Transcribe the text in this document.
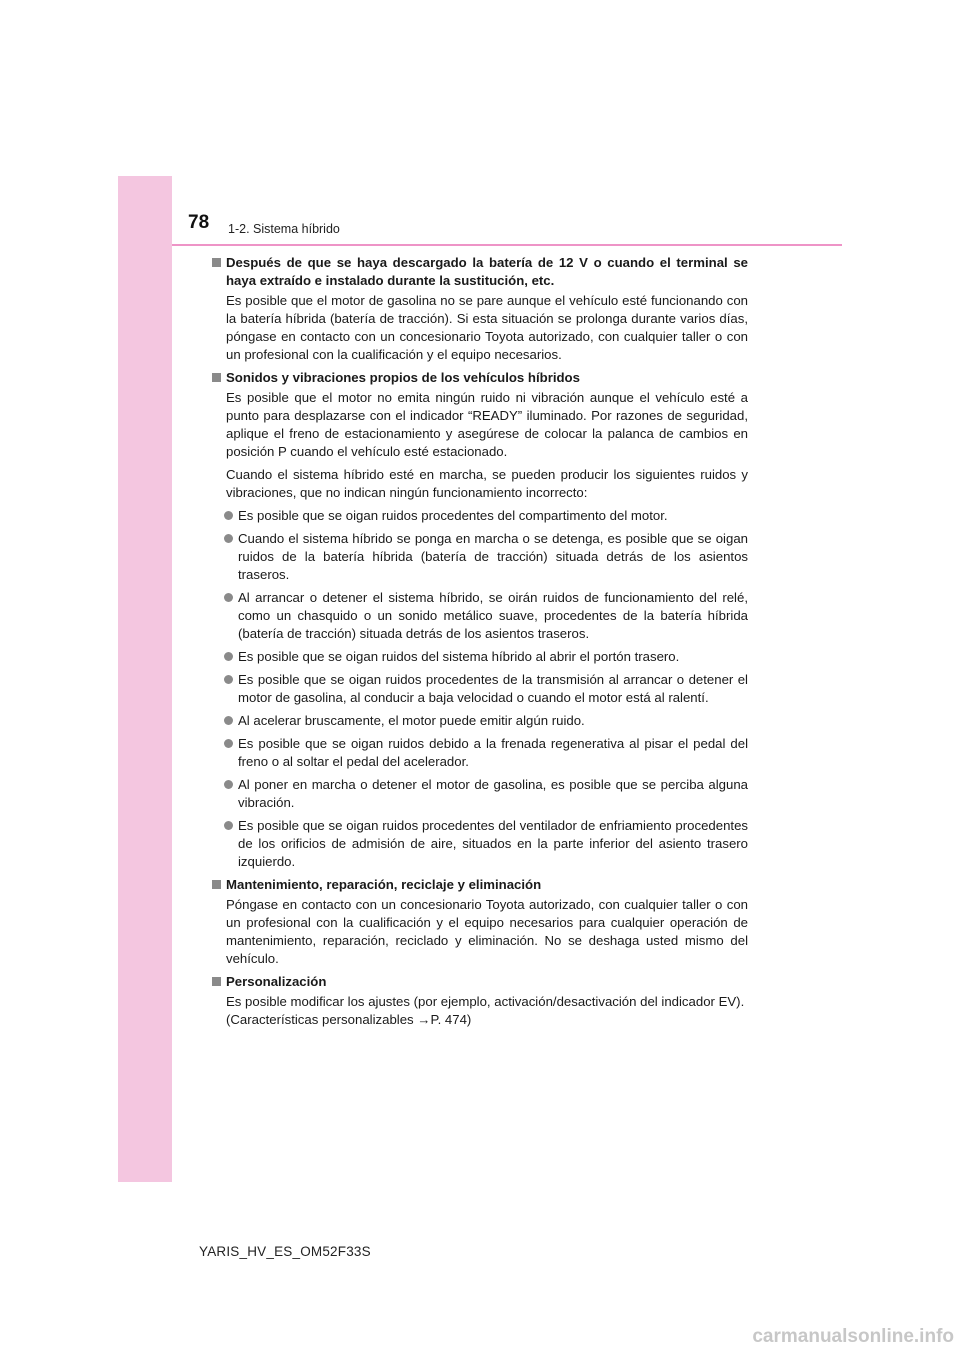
78 1-2. Sistema híbrido
Después de que se haya descargado la batería de 12 V o cuando el terminal se haya extraído e instalado durante la sustitución, etc.
Es posible que el motor de gasolina no se pare aunque el vehículo esté funcionando con la batería híbrida (batería de tracción). Si esta situación se prolonga durante varios días, póngase en contacto con un concesionario Toyota autorizado, con cualquier taller o con un profesional con la cualificación y el equipo necesarios.
Sonidos y vibraciones propios de los vehículos híbridos
Es posible que el motor no emita ningún ruido ni vibración aunque el vehículo esté a punto para desplazarse con el indicador “READY” iluminado. Por razones de seguridad, aplique el freno de estacionamiento y asegúrese de colocar la palanca de cambios en posición P cuando el vehículo esté estacionado.
Cuando el sistema híbrido esté en marcha, se pueden producir los siguientes ruidos y vibraciones, que no indican ningún funcionamiento incorrecto:
Es posible que se oigan ruidos procedentes del compartimento del motor.
Cuando el sistema híbrido se ponga en marcha o se detenga, es posible que se oigan ruidos de la batería híbrida (batería de tracción) situada detrás de los asientos traseros.
Al arrancar o detener el sistema híbrido, se oirán ruidos de funcionamiento del relé, como un chasquido o un sonido metálico suave, procedentes de la batería híbrida (batería de tracción) situada detrás de los asientos traseros.
Es posible que se oigan ruidos del sistema híbrido al abrir el portón trasero.
Es posible que se oigan ruidos procedentes de la transmisión al arrancar o detener el motor de gasolina, al conducir a baja velocidad o cuando el motor está al ralentí.
Al acelerar bruscamente, el motor puede emitir algún ruido.
Es posible que se oigan ruidos debido a la frenada regenerativa al pisar el pedal del freno o al soltar el pedal del acelerador.
Al poner en marcha o detener el motor de gasolina, es posible que se perciba alguna vibración.
Es posible que se oigan ruidos procedentes del ventilador de enfriamiento procedentes de los orificios de admisión de aire, situados en la parte inferior del asiento trasero izquierdo.
Mantenimiento, reparación, reciclaje y eliminación
Póngase en contacto con un concesionario Toyota autorizado, con cualquier taller o con un profesional con la cualificación y el equipo necesarios para cualquier operación de mantenimiento, reparación, reciclado y eliminación. No se deshaga usted mismo del vehículo.
Personalización
Es posible modificar los ajustes (por ejemplo, activación/desactivación del indicador EV).
(Características personalizables →P. 474)
YARIS_HV_ES_OM52F33S
carmanualsonline.info
